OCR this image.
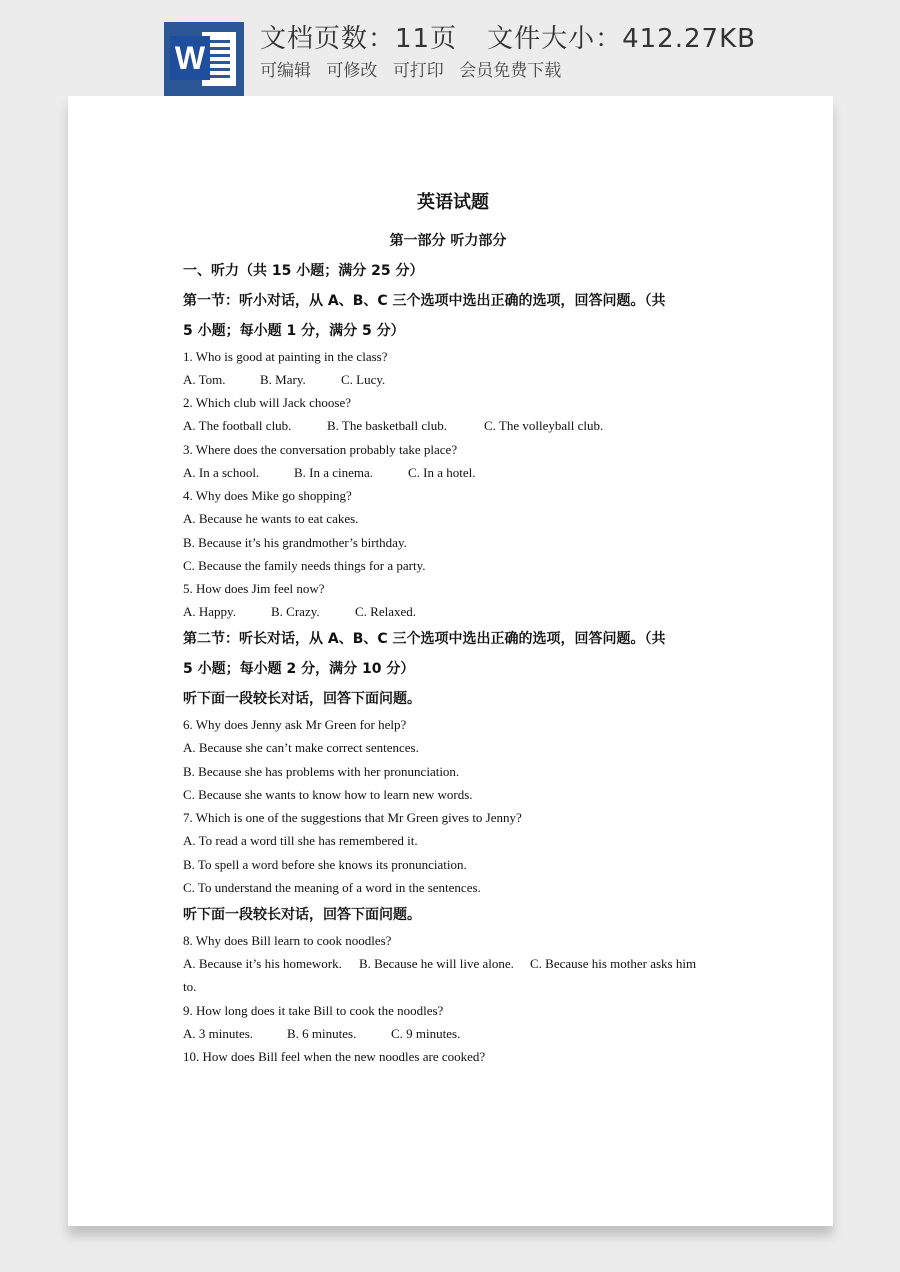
W
文档页数：11页 文件大小：412.27KB
可编辑 可修改 可打印 会员免费下载
英语试题
第一部分 听力部分
一、听力（共 15 小题；满分 25 分）
第一节：听小对话，从 A、B、C 三个选项中选出正确的选项，回答问题。（共
5 小题；每小题 1 分，满分 5 分）
1. Who is good at painting in the class?
A. Tom.	B. Mary.	C. Lucy.
2. Which club will Jack choose?
A. The football club.	B. The basketball club.	C. The volleyball club.
3. Where does the conversation probably take place?
A. In a school.	B. In a cinema.	C. In a hotel.
4. Why does Mike go shopping?
A. Because he wants to eat cakes.
B. Because it’s his grandmother’s birthday.
C. Because the family needs things for a party.
5. How does Jim feel now?
A. Happy.	B. Crazy.	C. Relaxed.
第二节：听长对话，从 A、B、C 三个选项中选出正确的选项，回答问题。（共
5 小题；每小题 2 分，满分 10 分）
听下面一段较长对话，回答下面问题。
6. Why does Jenny ask Mr Green for help?
A. Because she can’t make correct sentences.
B. Because she has problems with her pronunciation.
C. Because she wants to know how to learn new words.
7. Which is one of the suggestions that Mr Green gives to Jenny?
A. To read a word till she has remembered it.
B. To spell a word before she knows its pronunciation.
C. To understand the meaning of a word in the sentences.
听下面一段较长对话，回答下面问题。
8. Why does Bill learn to cook noodles?
A. Because it’s his homework. B. Because he will live alone. C. Because his mother asks him
to.
9. How long does it take Bill to cook the noodles?
A. 3 minutes.	B. 6 minutes.	C. 9 minutes.
10. How does Bill feel when the new noodles are cooked?
